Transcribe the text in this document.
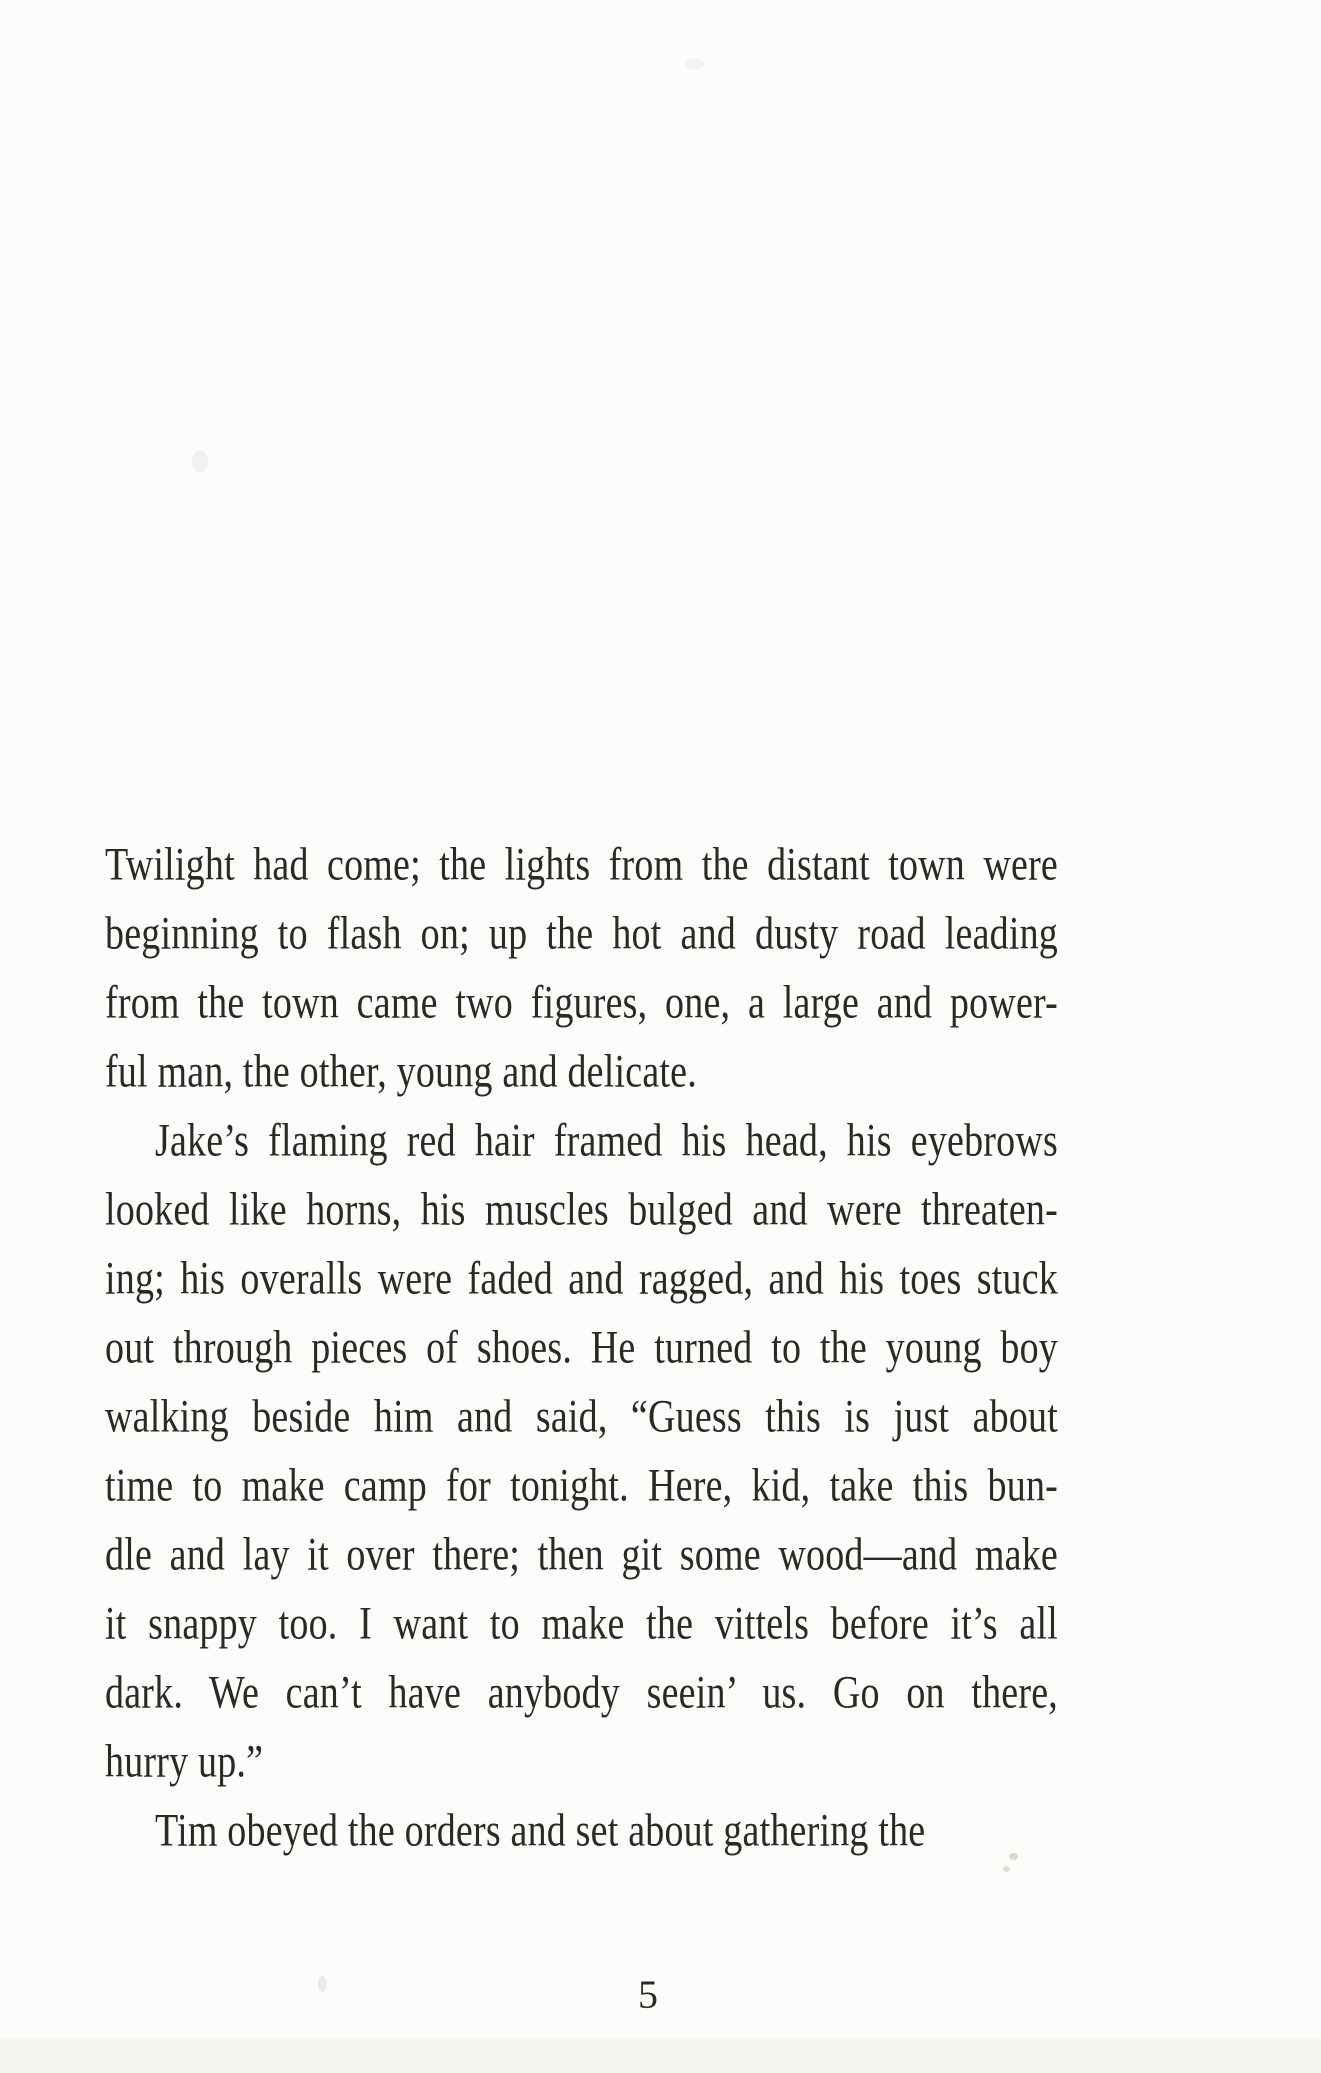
Twilight had come; the lights from the distant town were
beginning to flash on; up the hot and dusty road leading
from the town came two figures, one, a large and power-
ful man, the other, young and delicate.
Jake’s flaming red hair framed his head, his eyebrows
looked like horns, his muscles bulged and were threaten-
ing; his overalls were faded and ragged, and his toes stuck
out through pieces of shoes. He turned to the young boy
walking beside him and said, “Guess this is just about
time to make camp for tonight. Here, kid, take this bun-
dle and lay it over there; then git some wood—and make
it snappy too. I want to make the vittels before it’s all
dark. We can’t have anybody seein’ us. Go on there,
hurry up.”
Tim obeyed the orders and set about gathering the
5
